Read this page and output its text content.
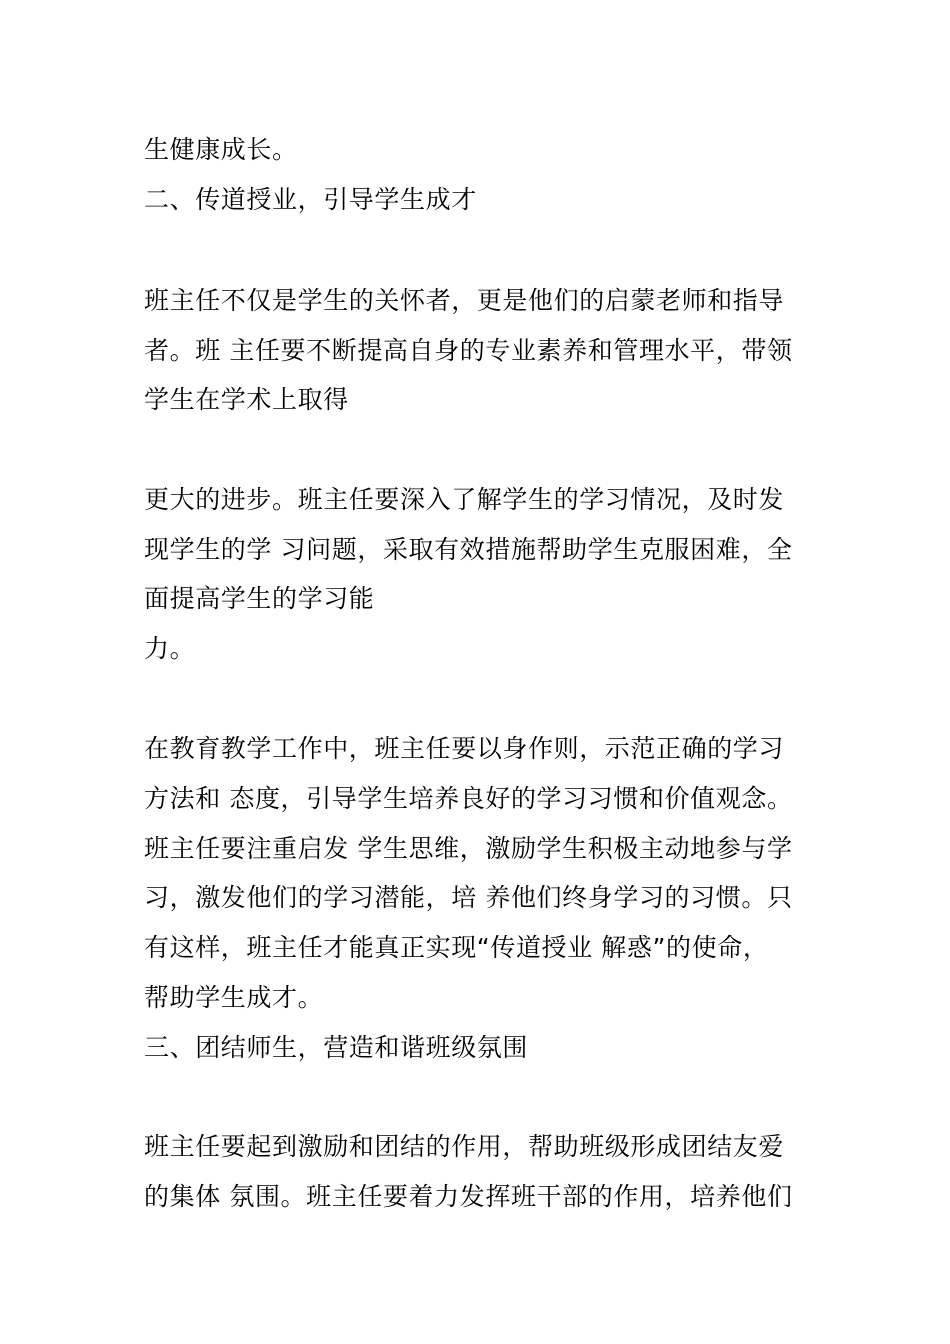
生健康成长。
二、传道授业，引导学生成才
班主任不仅是学生的关怀者，更是他们的启蒙老师和指导
者。班 主任要不断提高自身的专业素养和管理水平，带领
学生在学术上取得
更大的进步。班主任要深入了解学生的学习情况，及时发
现学生的学 习问题，采取有效措施帮助学生克服困难，全
面提高学生的学习能
力。
在教育教学工作中，班主任要以身作则，示范正确的学习
方法和 态度，引导学生培养良好的学习习惯和价值观念。
班主任要注重启发 学生思维，激励学生积极主动地参与学
习，激发他们的学习潜能，培 养他们终身学习的习惯。只
有这样，班主任才能真正实现“传道授业 解惑”的使命，
帮助学生成才。
三、团结师生，营造和谐班级氛围
班主任要起到激励和团结的作用，帮助班级形成团结友爱
的集体 氛围。班主任要着力发挥班干部的作用，培养他们
